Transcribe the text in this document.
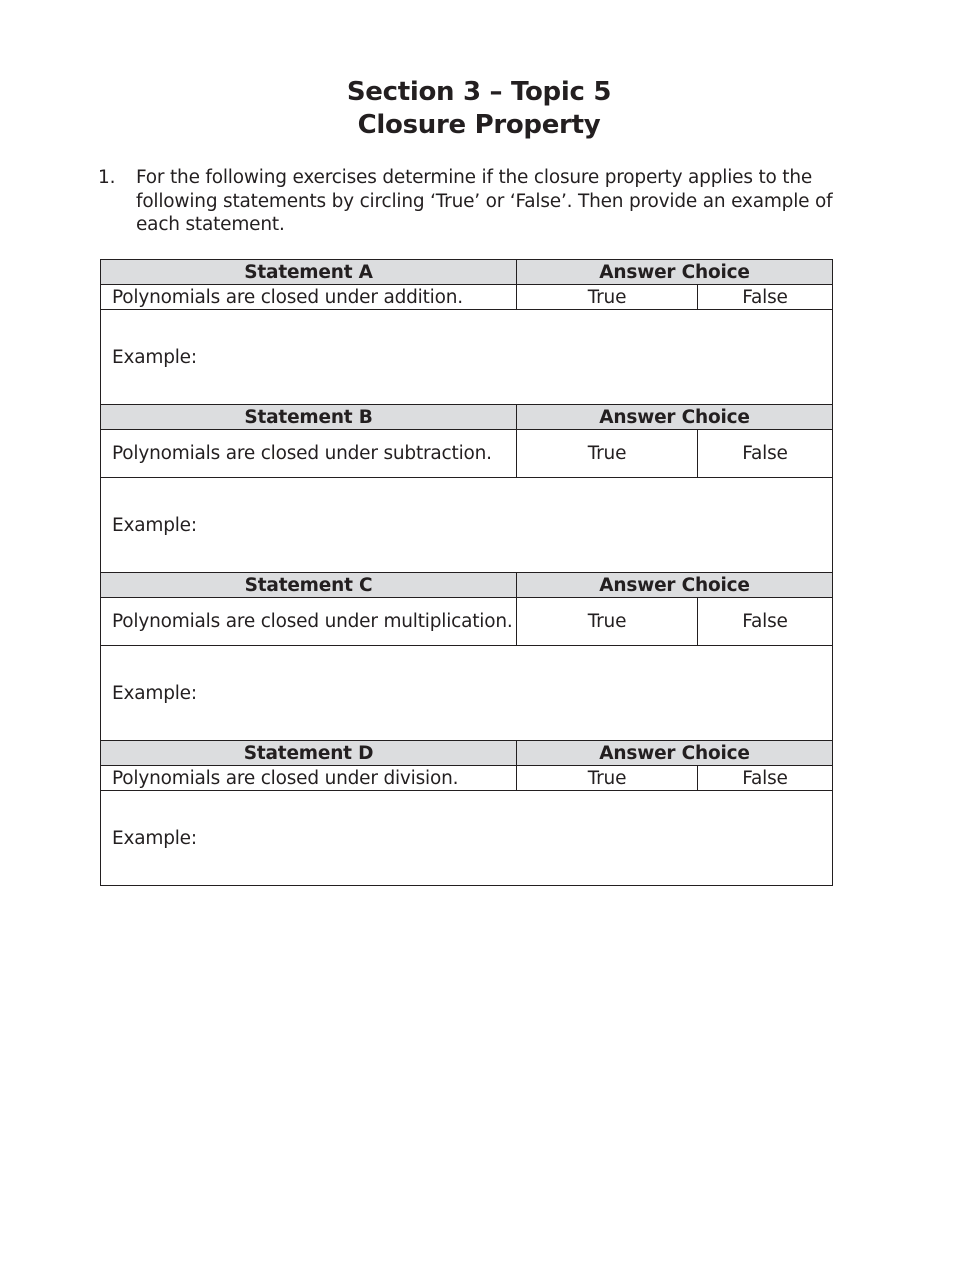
Section 3 – Topic 5
Closure Property
1. For the following exercises determine if the closure property applies to the following statements by circling ‘True’ or ‘False’. Then provide an example of each statement.
Statement A	Answer Choice	
Polynomials are closed under addition.	True	False
Example:		
Statement B	Answer Choice	
Polynomials are closed under subtraction.	True	False
Example:		
Statement C	Answer Choice	
Polynomials are closed under multiplication.	True	False
Example:		
Statement D	Answer Choice	
Polynomials are closed under division.	True	False
Example:		
